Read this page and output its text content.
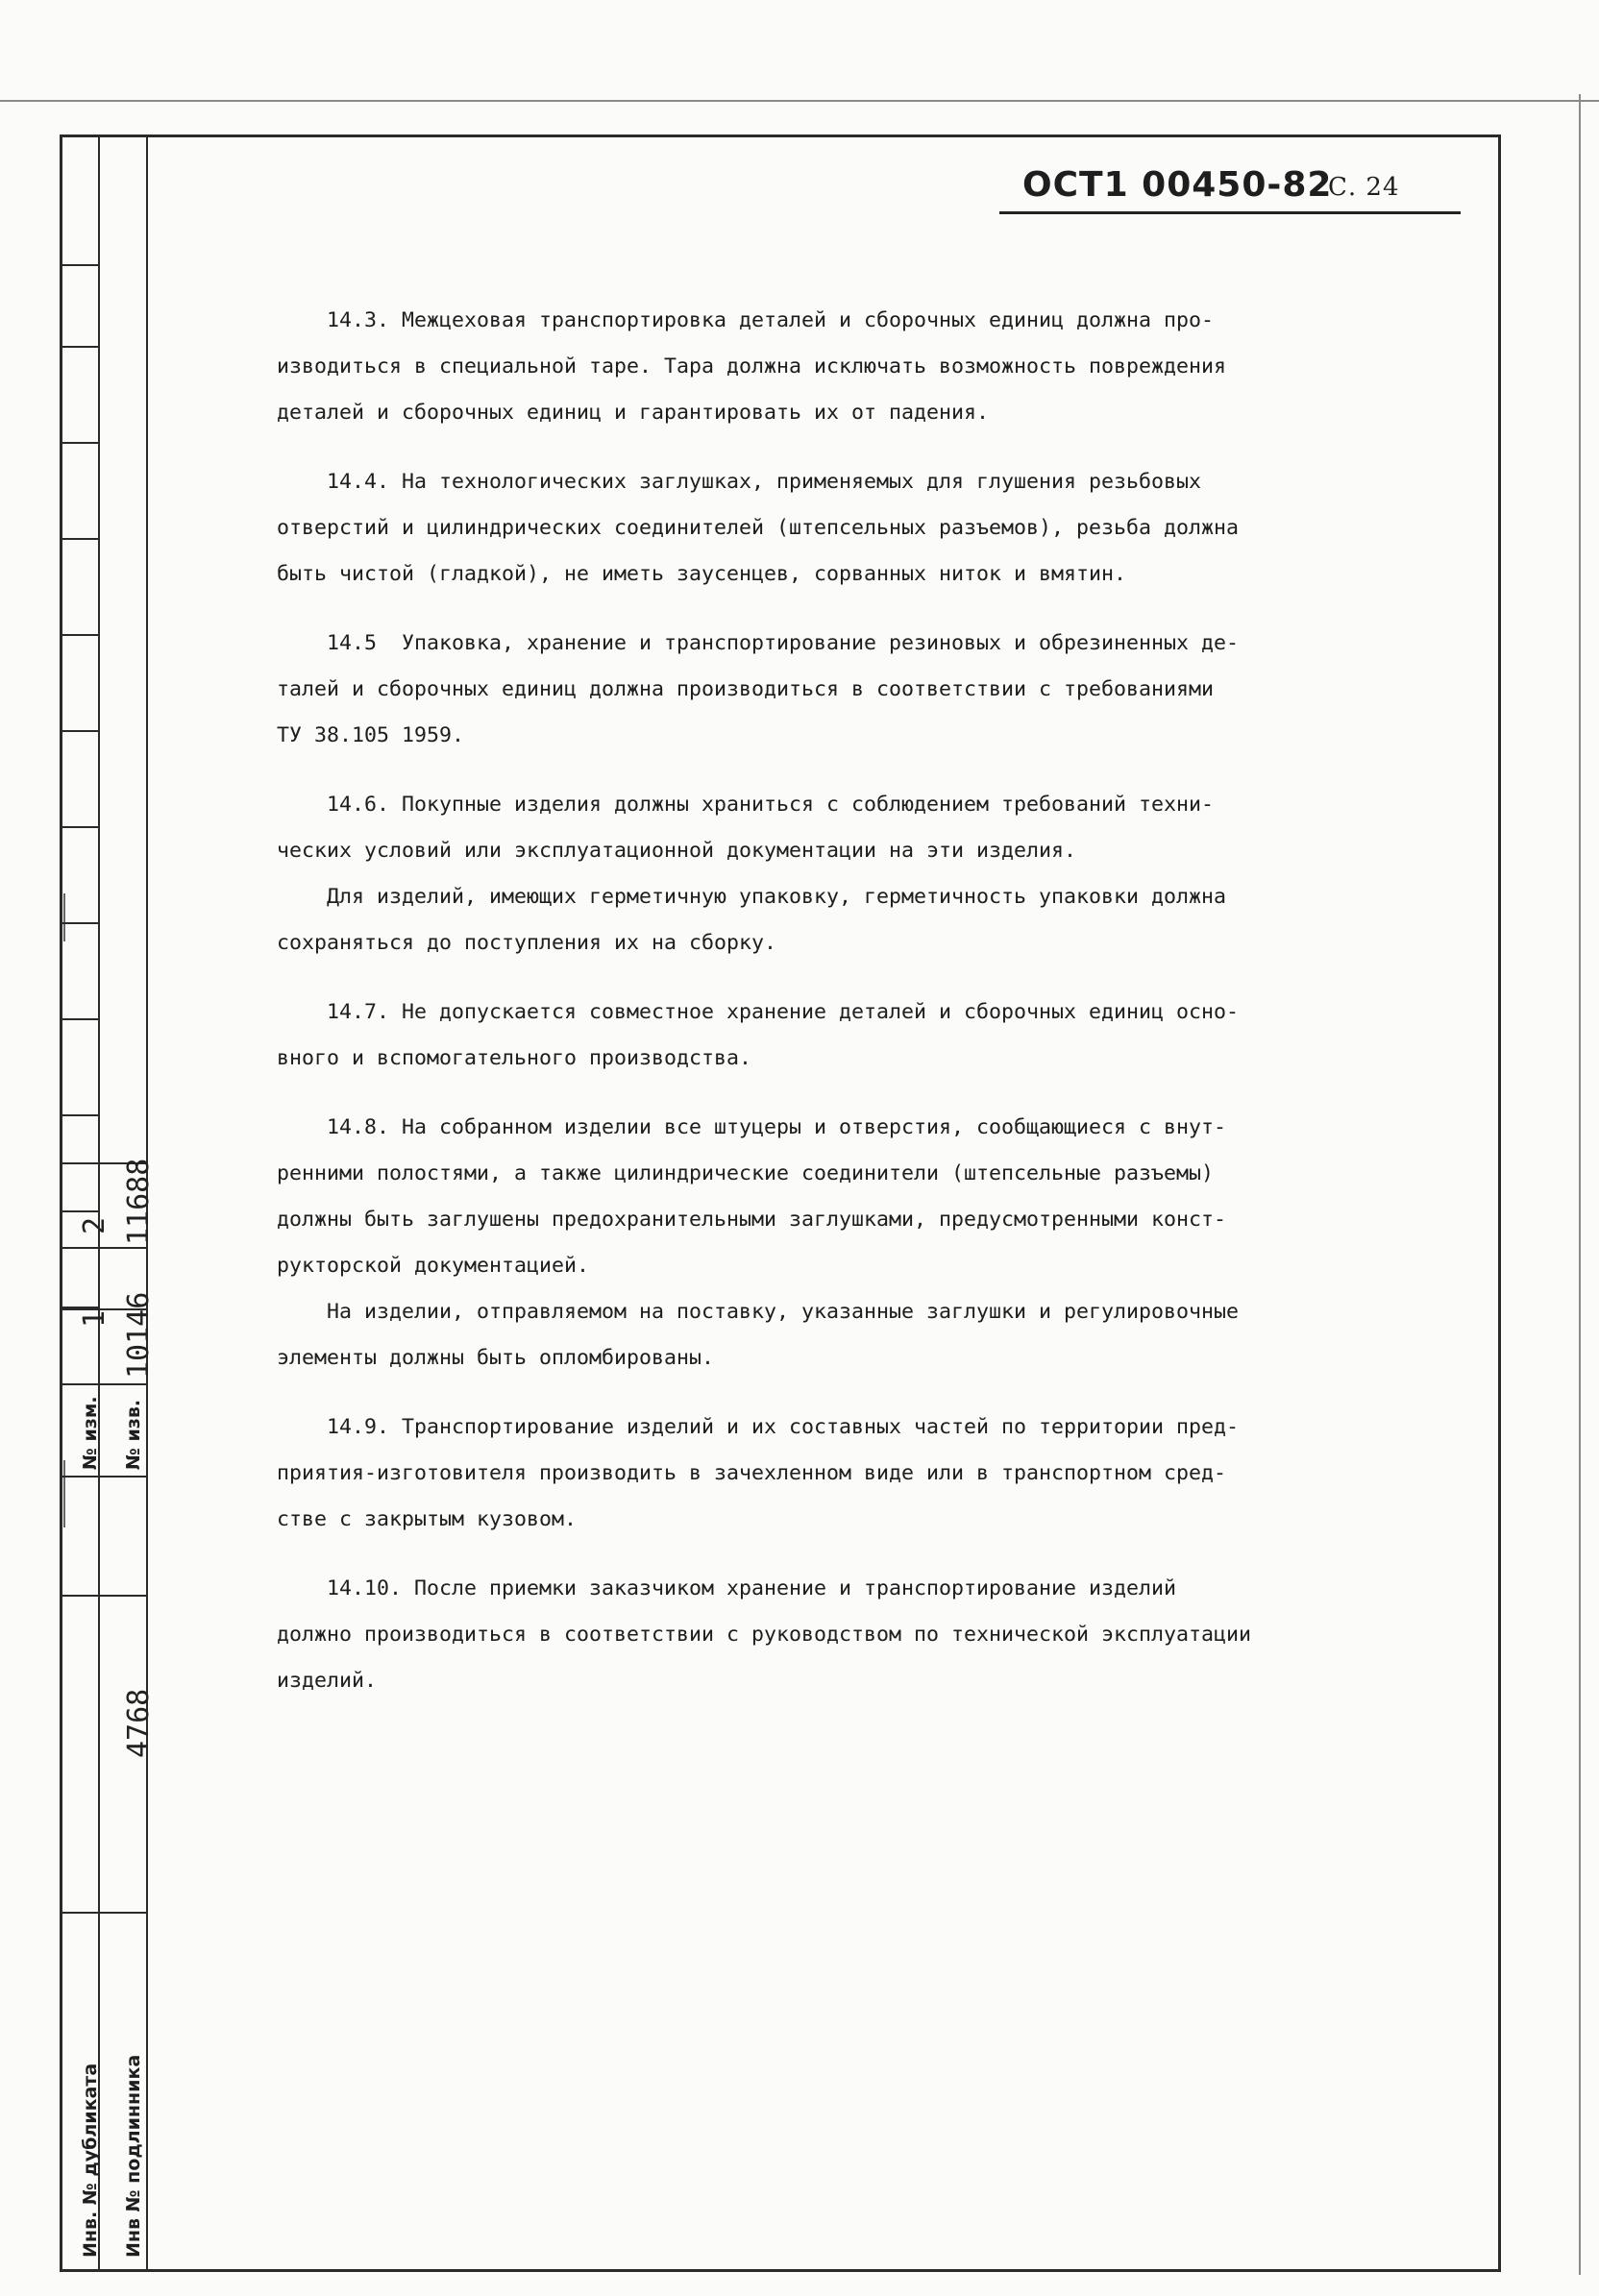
2
1
№ изм.
11688
10146
№ изв.
4768
Инв. № дубликата Инв № подлинника
ОСТ1 00450-82
С. 24
14.3. Межцеховая транспортировка деталей и сборочных единиц должна про-
изводиться в специальной таре. Тара должна исключать возможность повреждения
деталей и сборочных единиц и гарантировать их от падения.
14.4. На технологических заглушках, применяемых для глушения резьбовых
отверстий и цилиндрических соединителей (штепсельных разъемов), резьба должна
быть чистой (гладкой), не иметь заусенцев, сорванных ниток и вмятин.
14.5  Упаковка, хранение и транспортирование резиновых и обрезиненных де-
талей и сборочных единиц должна производиться в соответствии с требованиями
ТУ 38.105 1959.
14.6. Покупные изделия должны храниться с соблюдением требований техни-
ческих условий или эксплуатационной документации на эти изделия.
Для изделий, имеющих герметичную упаковку, герметичность упаковки должна
сохраняться до поступления их на сборку.
14.7. Не допускается совместное хранение деталей и сборочных единиц осно-
вного и вспомогательного производства.
14.8. На собранном изделии все штуцеры и отверстия, сообщающиеся с внут-
ренними полостями, а также цилиндрические соединители (штепсельные разъемы)
должны быть заглушены предохранительными заглушками, предусмотренными конст-
рукторской документацией.
На изделии, отправляемом на поставку, указанные заглушки и регулировочные
элементы должны быть опломбированы.
14.9. Транспортирование изделий и их составных частей по территории пред-
приятия-изготовителя производить в зачехленном виде или в транспортном сред-
стве с закрытым кузовом.
14.10. После приемки заказчиком хранение и транспортирование изделий
должно производиться в соответствии с руководством по технической эксплуатации
изделий.
